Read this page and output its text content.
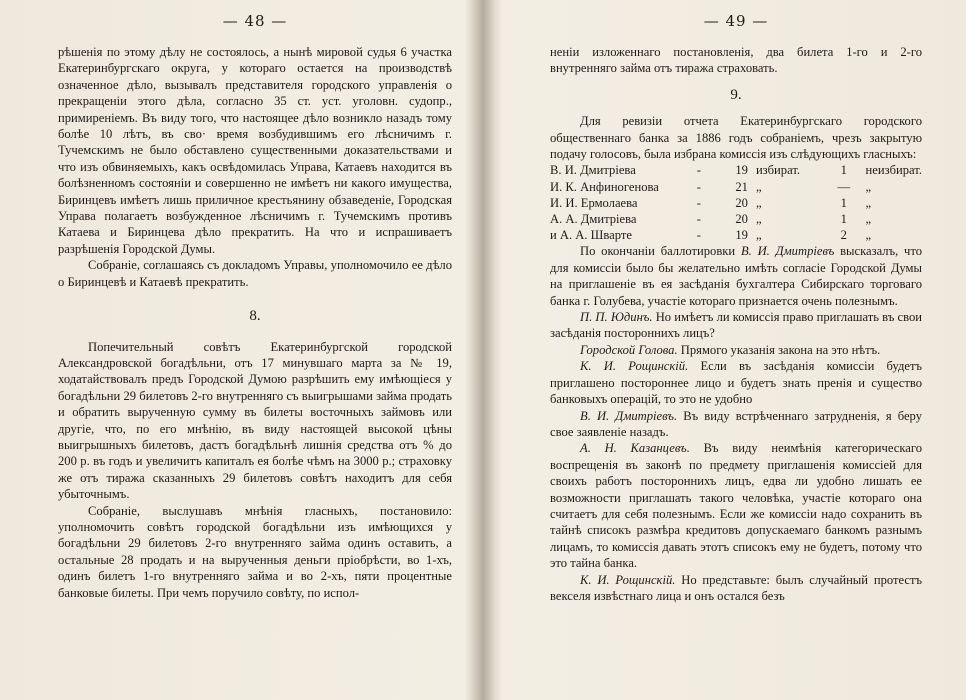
— 48 —

рѣшенія по этому дѣлу не состоялось, а нынѣ мировой судья 6 участка Екатеринбургскаго округа, у котораго остается на производствѣ означенное дѣло, вызывалъ представителя городского управленія о прекращеніи этого дѣла, согласно 35 ст. уст. уголовн. судопр., примиреніемъ. Въ виду того, что настоящее дѣло возникло назадъ тому болѣе 10 лѣтъ, въ сво· время возбудившимъ его лѣсничимъ г. Тучемскимъ не было обставлено существенными доказательствами и что изъ обвиняемыхъ, какъ освѣдомилась Управа, Катаевъ находится въ болѣзненномъ состояніи и совершенно не имѣетъ ни какого имущества, Биринцевъ имѣетъ лишь приличное крестьянину обзаведеніе, Городская Управа полагаетъ возбужденное лѣсничимъ г. Тучемскимъ противъ Катаева и Биринцева дѣло прекратить. На что и испрашиваетъ разрѣшенія Городской Думы.

Собраніе, соглашаясь съ докладомъ Управы, уполномочило ее дѣло о Биринцевѣ и Катаевѣ прекратить.

8.

Попечительный совѣтъ Екатеринбургской городской Александровской богадѣльни, отъ 17 минувшаго марта за № 19, ходатайствовалъ предъ Городской Думою разрѣшить ему имѣющіеся у богадѣльни 29 билетовъ 2-го внутренняго съ выигрышами займа продать и обратить вырученную сумму въ билеты восточныхъ займовъ или другіе, что, по его мнѣнію, въ виду настоящей высокой цѣны выигрышныхъ билетовъ, дастъ богадѣльнѣ лишнія средства отъ % до 200 р. въ годъ и увеличитъ капиталъ ея болѣе чѣмъ на 3000 р.; страховку же отъ тиража сказанныхъ 29 билетовъ совѣтъ находитъ для себя убыточнымъ.

Собраніе, выслушавъ мнѣнія гласныхъ, постановило: уполномочить совѣтъ городской богадѣльни изъ имѣющихся у богадѣльни 29 билетовъ 2-го внутренняго займа одинъ оставить, а остальные 28 продать и на вырученныя деньги пріобрѣсти, во 1-хъ, одинъ билетъ 1-го внутренняго займа и во 2-хъ, пяти процентные банковые билеты. При чемъ поручило совѣту, по испол-

— 49 —

неніи изложеннаго постановленія, два билета 1-го и 2-го внутренняго займа отъ тиража страховать.

9.

Для ревизіи отчета Екатеринбургскаго городского общественнаго банка за 1886 годъ собраніемъ, чрезъ закрытую подачу голосовъ, была избрана комиссія изъ слѣдующихъ гласныхъ:

В. И. Дмитріева	-	19	избират.	1	неизбират.
И. К. Анфиногенова	-	21	„	—	„
И. И. Ермолаева	-	20	„	1	„
А. А. Дмитріева	-	20	„	1	„
и А. А. Шварте	-	19	„	2	„

По окончаніи баллотировки В. И. Дмитріевъ высказалъ, что для комиссіи было бы желательно имѣть согласіе Городской Думы на приглашеніе въ ея засѣданія бухгалтера Сибирскаго торговаго банка г. Голубева, участіе котораго признается очень полезнымъ.

П. П. Юдинъ. Но имѣетъ ли комиссія право приглашать въ свои засѣданія постороннихъ лицъ?

Городской Голова. Прямого указанія закона на это нѣтъ.

К. И. Рощинскій. Если въ засѣданія комиссіи будетъ приглашено постороннее лицо и будетъ знать пренія и существо банковыхъ операцій, то это не удобно

В. И. Дмитріевъ. Въ виду встрѣченнаго затрудненія, я беру свое заявленіе назадъ.

А. Н. Казанцевъ. Въ виду неимѣнія категорическаго воспрещенія въ законѣ по предмету приглашенія комиссіей для своихъ работъ постороннихъ лицъ, едва ли удобно лишать ее возможности приглашать такого человѣка, участіе котораго она считаетъ для себя полезнымъ. Если же комиссіи надо сохранить въ тайнѣ списокъ размѣра кредитовъ допускаемаго банкомъ разнымъ лицамъ, то комиссія давать этотъ списокъ ему не будетъ, потому что это тайна банка.

К. И. Рощинскій. Но представьте: былъ случайный протестъ векселя извѣстнаго лица и онъ остался безъ
